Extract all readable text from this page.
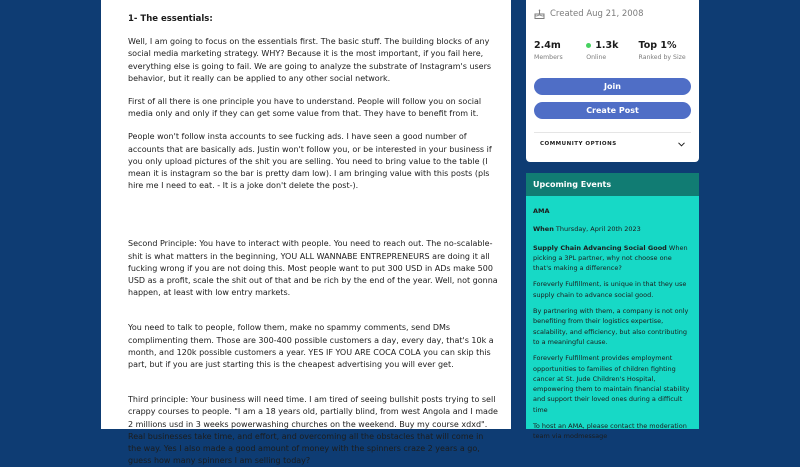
1- The essentials:

Well, I am going to focus on the essentials first. The basic stuff. The building blocks of any social media marketing strategy. WHY? Because it is the most important, if you fail here, everything else is going to fail. We are going to analyze the substrate of Instagram's users behavior, but it really can be applied to any other social network.

First of all there is one principle you have to understand. People will follow you on social media only and only if they can get some value from that. They have to benefit from it.

People won't follow insta accounts to see fucking ads. I have seen a good number of accounts that are basically ads. Justin won't follow you, or be interested in your business if you only upload pictures of the shit you are selling. You need to bring value to the table (I mean it is instagram so the bar is pretty dam low). I am bringing value with this posts (pls hire me I need to eat. - It is a joke don't delete the post-).

Second Principle: You have to interact with people. You need to reach out. The no-scalable-shit is what matters in the beginning, YOU ALL WANNABE ENTREPRENEURS are doing it all fucking wrong if you are not doing this. Most people want to put 300 USD in ADs make 500 USD as a profit, scale the shit out of that and be rich by the end of the year. Well, not gonna happen, at least with low entry markets.

You need to talk to people, follow them, make no spammy comments, send DMs complimenting them. Those are 300-400 possible customers a day, every day, that's 10k a month, and 120k possible customers a year. YES IF YOU ARE COCA COLA you can skip this part, but if you are just starting this is the cheapest advertising you will ever get.

Third principle: Your business will need time. I am tired of seeing bullshit posts trying to sell crappy courses to people. "I am a 18 years old, partially blind, from west Angola and I made 2 millions usd in 3 weeks powerwashing churches on the weekend. Buy my course xdxd". Real businesses take time, and effort, and overcoming all the obstacles that will come in the way. Yes I also made a good amount of money with the spinners craze 2 years a go, guess how many spinners I am selling today?

Created Aug 21, 2008
2.4m
Members
1.3k
Online
Top 1%
Ranked by Size
Join
Create Post
COMMUNITY OPTIONS
Upcoming Events

AMA

When Thursday, April 20th 2023

Supply Chain Advancing Social Good When picking a 3PL partner, why not choose one that's making a difference?

Foreverly Fulfillment, is unique in that they use supply chain to advance social good.

By partnering with them, a company is not only benefiting from their logistics expertise, scalability, and efficiency, but also contributing to a meaningful cause.

Foreverly Fulfillment provides employment opportunities to families of children fighting cancer at St. Jude Children's Hospital, empowering them to maintain financial stability and support their loved ones during a difficult time

To host an AMA, please contact the moderation team via modmessage
